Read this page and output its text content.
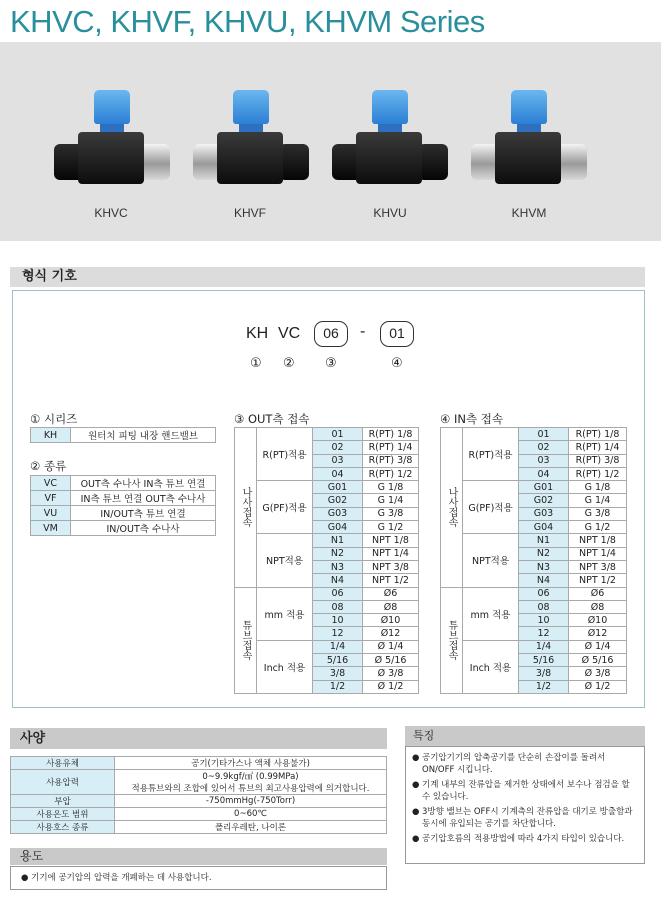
KHVC, KHVF, KHVU, KHVM Series
KHVC	KHVF	KHVU	KHVM
형식 기호
KH VC	06	-	01
① ② ③	④
① 시리즈
KH	원터치 피팅 내장 핸드밸브
② 종류
VC	OUT측 수나사 IN측 튜브 연결
VF	IN측 튜브 연결 OUT측 수나사
VU	IN/OUT측 튜브 연결
VM	IN/OUT측 수나사
③ OUT측 접속
나사접속	R(PT)적용	01	R(PT) 1/8
		02	R(PT) 1/4
		03	R(PT) 3/8
		04	R(PT) 1/2
	G(PF)적용	G01	G 1/8
		G02	G 1/4
		G03	G 3/8
		G04	G 1/2
	NPT적용	N1	NPT 1/8
		N2	NPT 1/4
		N3	NPT 3/8
		N4	NPT 1/2
튜브접속	mm 적용	06	Ø6
		08	Ø8
		10	Ø10
		12	Ø12
	Inch 적용	1/4	Ø 1/4
		5/16	Ø 5/16
		3/8	Ø 3/8
		1/2	Ø 1/2
④ IN측 접속
나사접속	R(PT)적용	01	R(PT) 1/8
		02	R(PT) 1/4
		03	R(PT) 3/8
		04	R(PT) 1/2
	G(PF)적용	G01	G 1/8
		G02	G 1/4
		G03	G 3/8
		G04	G 1/2
	NPT적용	N1	NPT 1/8
		N2	NPT 1/4
		N3	NPT 3/8
		N4	NPT 1/2
튜브접속	mm 적용	06	Ø6
		08	Ø8
		10	Ø10
		12	Ø12
	Inch 적용	1/4	Ø 1/4
		5/16	Ø 5/16
		3/8	Ø 3/8
		1/2	Ø 1/2
사양
사용유체	공기(기타가스나 액체 사용불가)
사용압력	0~9.9kgf/㎠ (0.99MPa)
적용튜브와의 조합에 있어서 튜브의 최고사용압력에 의거합니다.
부압	-750mmHg(-750Torr)
사용온도 범위	0~60℃
사용호스 종류	폴리우레탄, 나이론
용도
● 기기에 공기압의 압력을 개폐하는 데 사용합니다.
특징
● 공기압기기의 압축공기를 단순히 손잡이를 돌려서 ON/OFF 시킵니다.
● 기계 내부의 잔류압을 제거한 상태에서 보수나 점검을 할 수 있습니다.
● 3방향 밸브는 OFF시 기계측의 잔류압을 대기로 방출함과 동시에 유입되는 공기를 차단합니다.
● 공기압호름의 적용방법에 따라 4가지 타입이 있습니다.
